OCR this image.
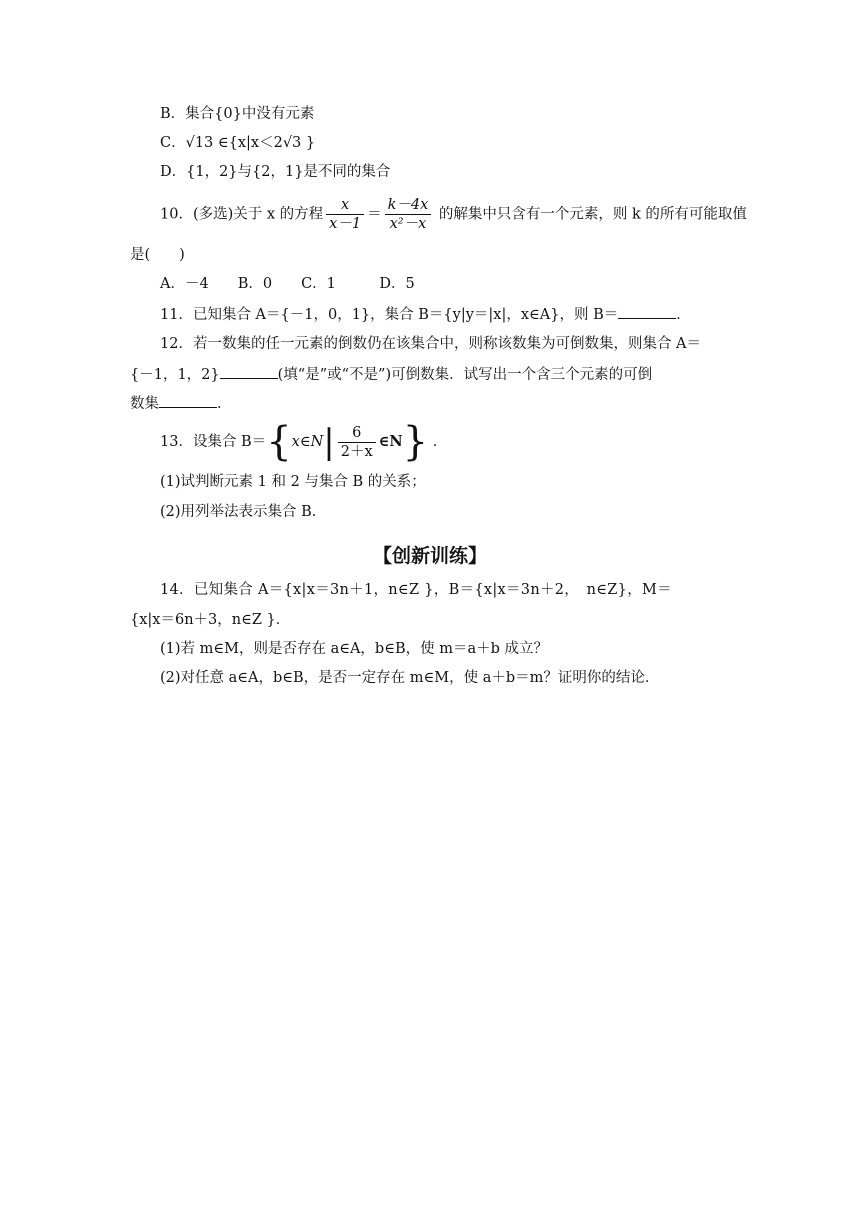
B．集合{0}中没有元素
C．√13 ∈{x|x＜2√3 }
D．{1，2}与{2，1}是不同的集合
10．(多选)关于 x 的方程 $\frac{x}{x-1} = \frac{k-4x}{\text{x²－x}}$ 的解集中只含有一个元素，则 k 的所有可能取值
是(　　)
A．－4　　B．0　　C．1　　　D．5
11．已知集合 A＝{－1，0，1}，集合 B＝{y|y＝|x|，x∈A}，则 B＝	．
12．若一数集的任一元素的倒数仍在该集合中，则称该数集为可倒数集，则集合 A＝
{－1，1，2}	(填“是”或“不是”)可倒数集．试写出一个含三个元素的可倒
数集	．
13．设集合 B＝{x∈N| $\frac{6}{2+x}$ ∈N} ．
(1)试判断元素 1 和 2 与集合 B 的关系；
(2)用列举法表示集合 B.
【创新训练】
14．已知集合 A＝{x|x＝3n＋1，n∈Z }，B＝{x|x＝3n＋2，　n∈Z}，M＝
{x|x＝6n＋3，n∈Z }．
(1)若 m∈M，则是否存在 a∈A，b∈B，使 m＝a＋b 成立？
(2)对任意 a∈A，b∈B，是否一定存在 m∈M，使 a＋b＝m？证明你的结论．
